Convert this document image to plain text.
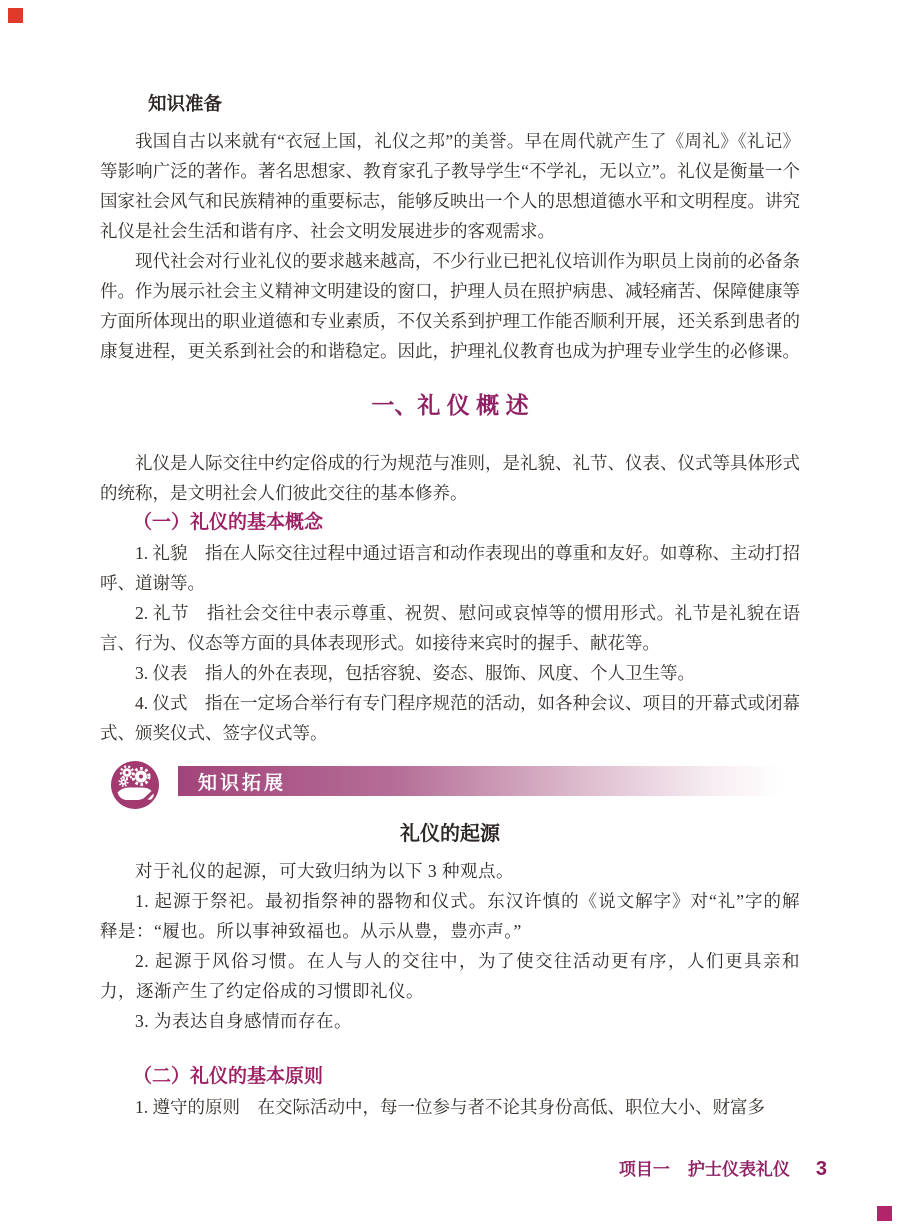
知识准备

我国自古以来就有“衣冠上国，礼仪之邦”的美誉。早在周代就产生了《周礼》《礼记》等影响广泛的著作。著名思想家、教育家孔子教导学生“不学礼，无以立”。礼仪是衡量一个国家社会风气和民族精神的重要标志，能够反映出一个人的思想道德水平和文明程度。讲究礼仪是社会生活和谐有序、社会文明发展进步的客观需求。

现代社会对行业礼仪的要求越来越高，不少行业已把礼仪培训作为职员上岗前的必备条件。作为展示社会主义精神文明建设的窗口，护理人员在照护病患、减轻痛苦、保障健康等方面所体现出的职业道德和专业素质，不仅关系到护理工作能否顺利开展，还关系到患者的康复进程，更关系到社会的和谐稳定。因此，护理礼仪教育也成为护理专业学生的必修课。

一、礼 仪 概 述

礼仪是人际交往中约定俗成的行为规范与准则，是礼貌、礼节、仪表、仪式等具体形式的统称，是文明社会人们彼此交往的基本修养。

（一）礼仪的基本概念

1. 礼貌　指在人际交往过程中通过语言和动作表现出的尊重和友好。如尊称、主动打招呼、道谢等。

2. 礼节　指社会交往中表示尊重、祝贺、慰问或哀悼等的惯用形式。礼节是礼貌在语言、行为、仪态等方面的具体表现形式。如接待来宾时的握手、献花等。

3. 仪表　指人的外在表现，包括容貌、姿态、服饰、风度、个人卫生等。

4. 仪式　指在一定场合举行有专门程序规范的活动，如各种会议、项目的开幕式或闭幕式、颁奖仪式、签字仪式等。

知识拓展
礼仪的起源

对于礼仪的起源，可大致归纳为以下 3 种观点。

1. 起源于祭祀。最初指祭神的器物和仪式。东汉许慎的《说文解字》对“礼”字的解释是：“履也。所以事神致福也。从示从豊，豊亦声。”

2. 起源于风俗习惯。在人与人的交往中，为了使交往活动更有序，人们更具亲和力，逐渐产生了约定俗成的习惯即礼仪。

3. 为表达自身感情而存在。

（二）礼仪的基本原则

1. 遵守的原则　在交际活动中，每一位参与者不论其身份高低、职位大小、财富多

项目一 护士仪表礼仪 3
